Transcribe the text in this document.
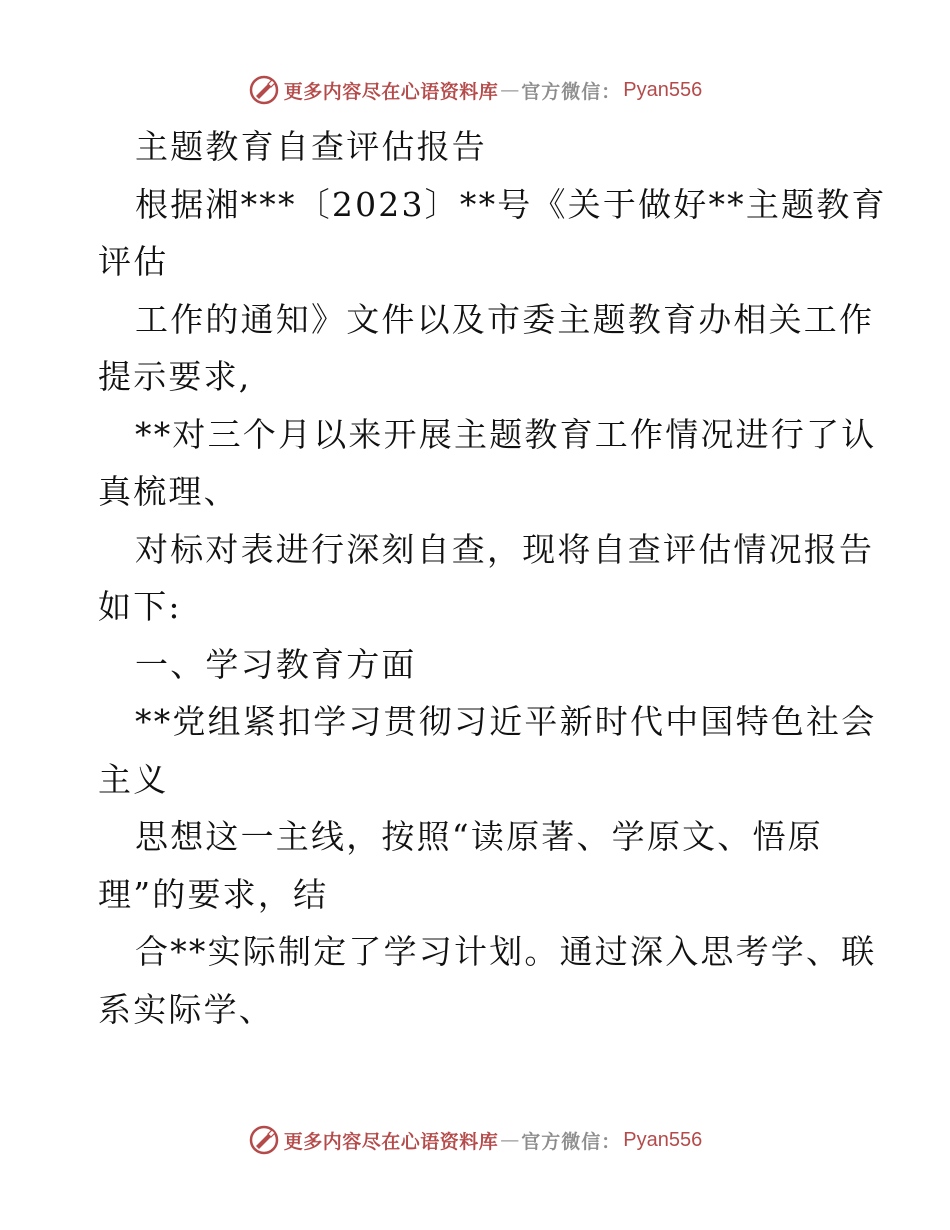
更多内容尽在心语资料库 — 官方微信： Pyan556
主题教育自查评估报告
根据湘***〔2023〕**号《关于做好**主题教育
评估
工作的通知》文件以及市委主题教育办相关工作
提示要求,
**对三个月以来开展主题教育工作情况进行了认
真梳理、
对标对表进行深刻自查，现将自查评估情况报告
如下:
一、学习教育方面
**党组紧扣学习贯彻习近平新时代中国特色社会
主义
思想这一主线，按照“读原著、学原文、悟原
理”的要求，结
合**实际制定了学习计划。通过深入思考学、联
系实际学、
更多内容尽在心语资料库 — 官方微信： Pyan556
